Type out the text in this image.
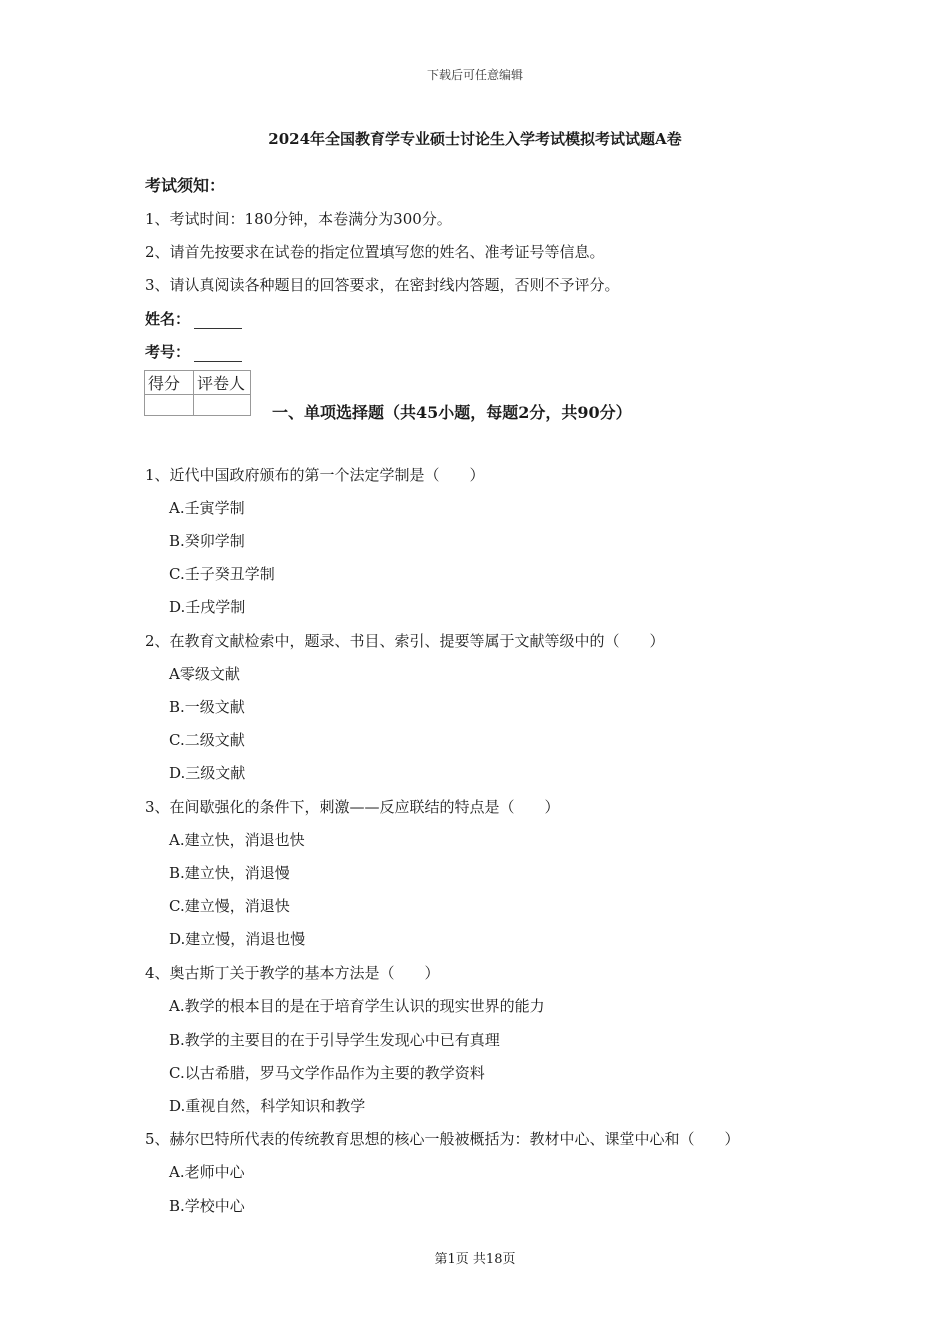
下载后可任意编辑
2024年全国教育学专业硕士讨论生入学考试模拟考试试题A卷
考试须知：
1、考试时间：180分钟，本卷满分为300分。
2、请首先按要求在试卷的指定位置填写您的姓名、准考证号等信息。
3、请认真阅读各种题目的回答要求，在密封线内答题，否则不予评分。
姓名：
考号：
得分	评卷人

一、单项选择题（共45小题，每题2分，共90分）
1、近代中国政府颁布的第一个法定学制是（　　）
A.壬寅学制
B.癸卯学制
C.壬子癸丑学制
D.壬戌学制
2、在教育文献检索中，题录、书目、索引、提要等属于文献等级中的（　　）
A零级文献
B.一级文献
C.二级文献
D.三级文献
3、在间歇强化的条件下，刺激——反应联结的特点是（　　）
A.建立快，消退也快
B.建立快，消退慢
C.建立慢，消退快
D.建立慢，消退也慢
4、奥古斯丁关于教学的基本方法是（　　）
A.教学的根本目的是在于培育学生认识的现实世界的能力
B.教学的主要目的在于引导学生发现心中已有真理
C.以古希腊，罗马文学作品作为主要的教学资料
D.重视自然，科学知识和教学
5、赫尔巴特所代表的传统教育思想的核心一般被概括为：教材中心、课堂中心和（　　）
A.老师中心
B.学校中心
第1页 共18页
